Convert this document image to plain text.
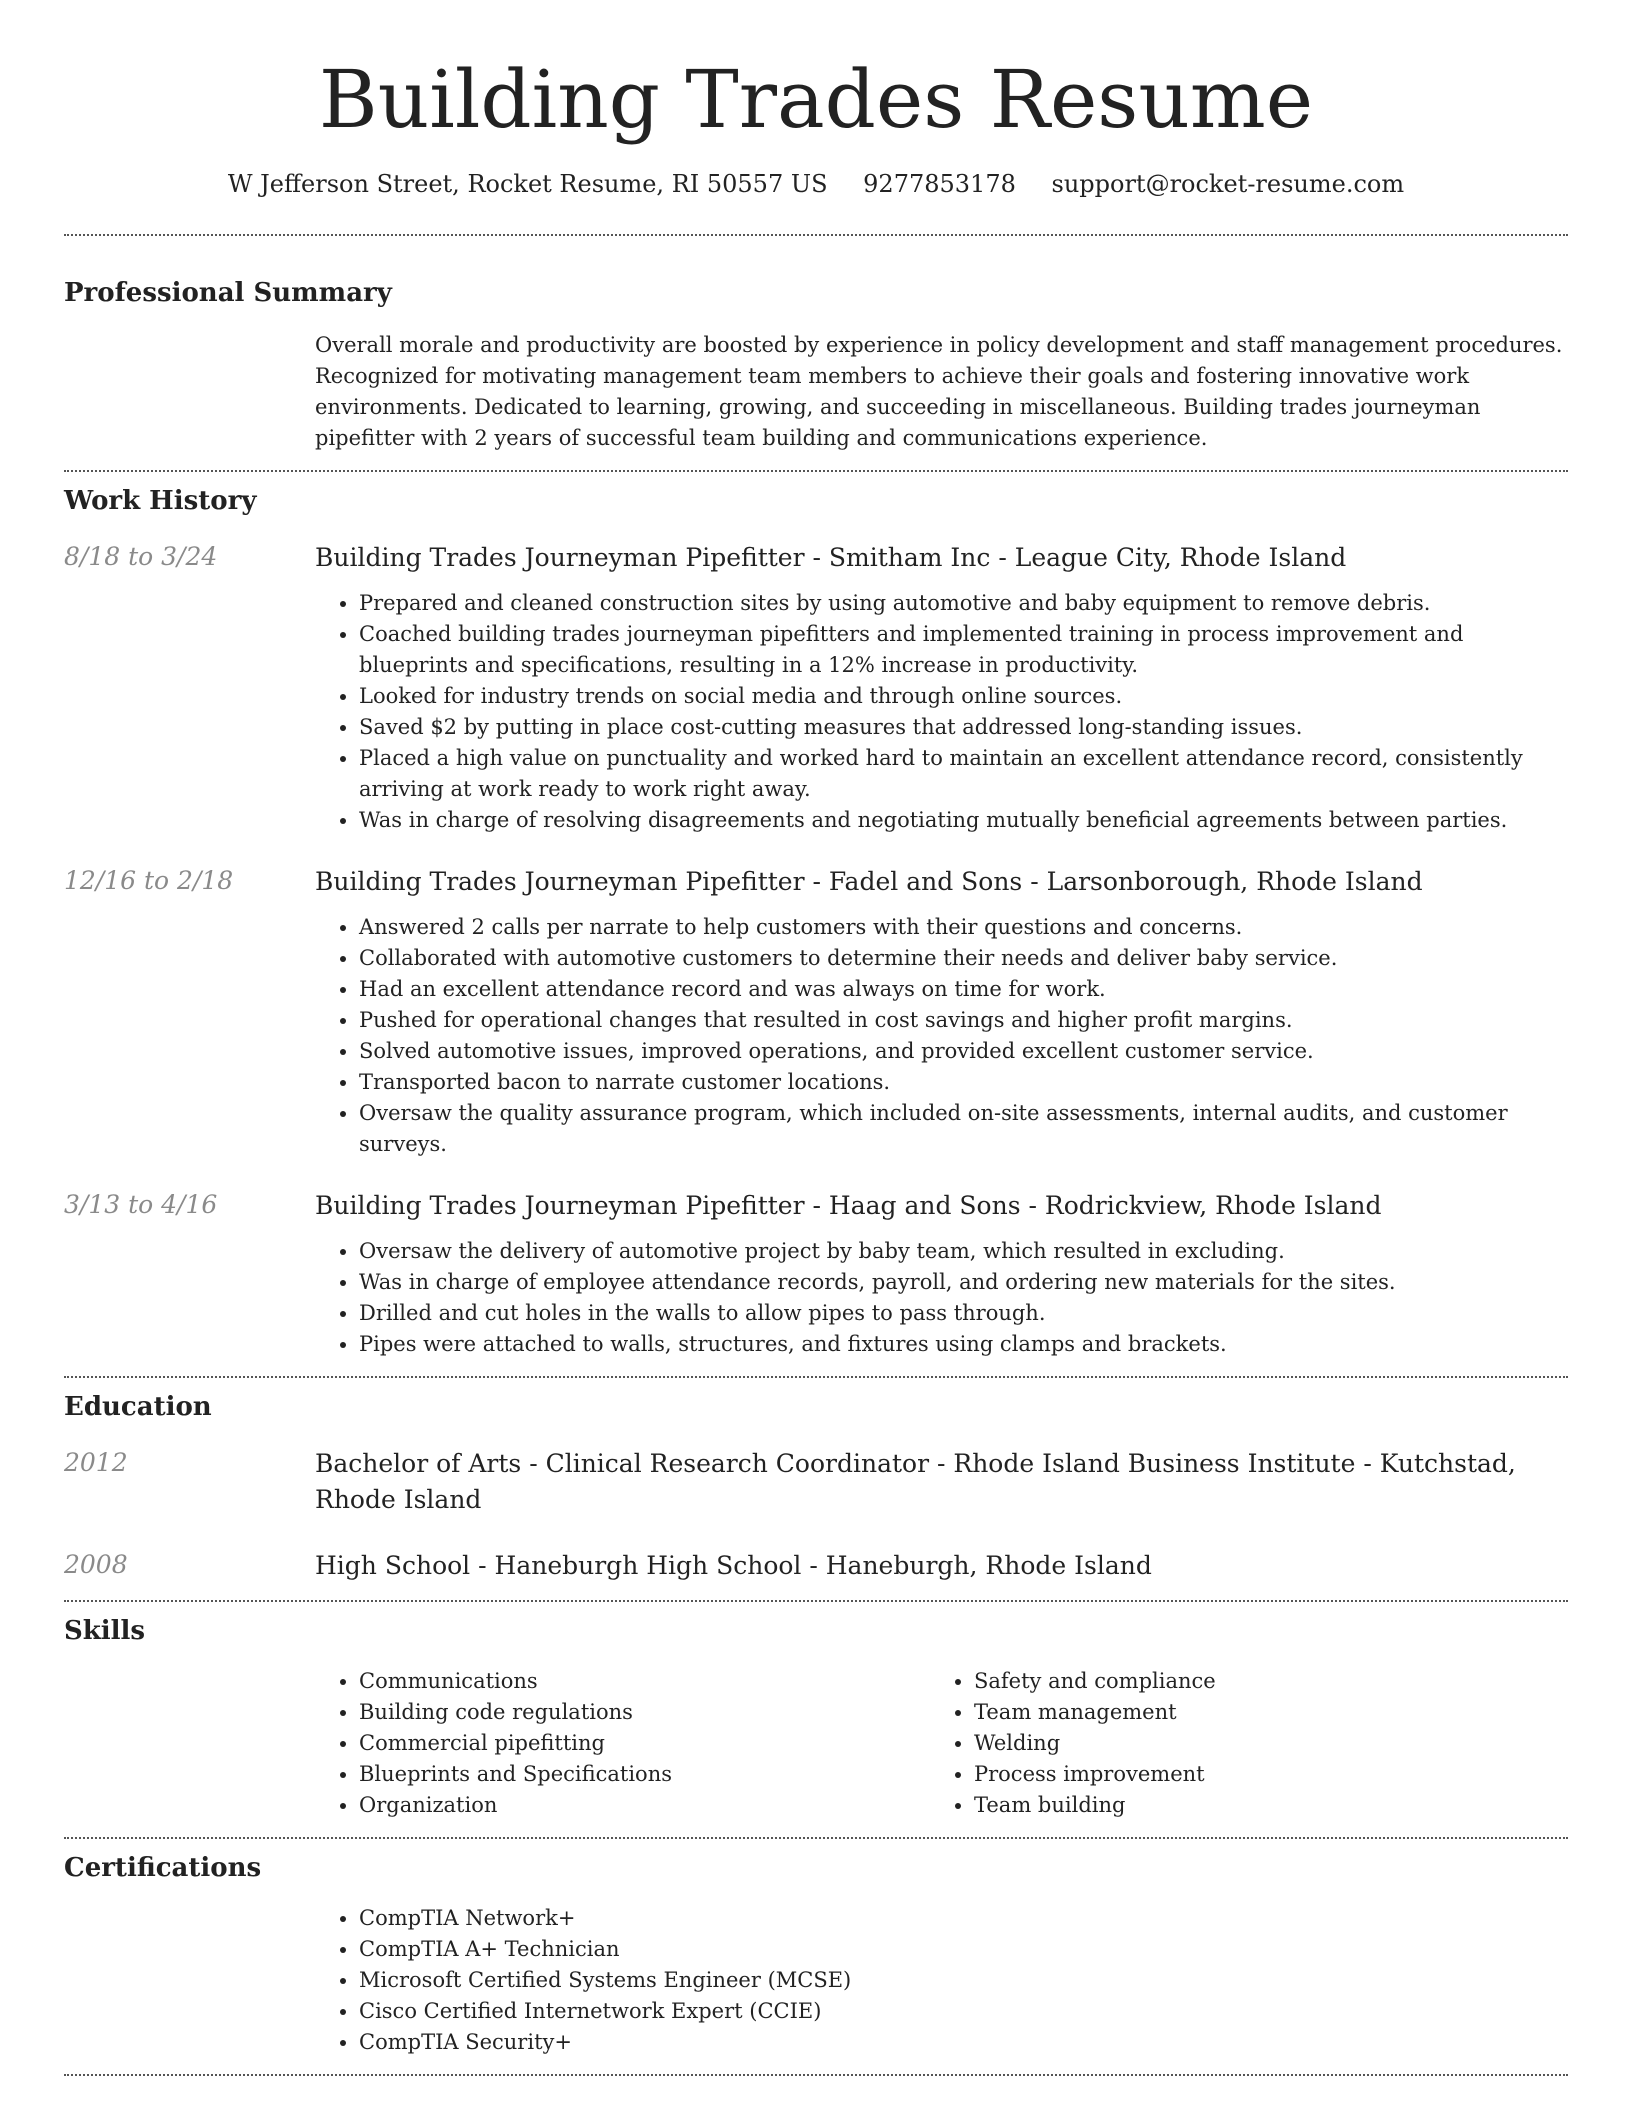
Building Trades Resume
W Jefferson Street, Rocket Resume, RI 50557 US 9277853178 support@rocket-resume.com
Professional Summary

Overall morale and productivity are boosted by experience in policy development and staff management procedures. Recognized for motivating management team members to achieve their goals and fostering innovative work environments. Dedicated to learning, growing, and succeeding in miscellaneous. Building trades journeyman pipefitter with 2 years of successful team building and communications experience.

Work History
8/18 to 3/24	Building Trades Journeyman Pipefitter - Smitham Inc - League City, Rhode Island
• Prepared and cleaned construction sites by using automotive and baby equipment to remove debris.
• Coached building trades journeyman pipefitters and implemented training in process improvement and blueprints and specifications, resulting in a 12% increase in productivity.
• Looked for industry trends on social media and through online sources.
• Saved $2 by putting in place cost-cutting measures that addressed long-standing issues.
• Placed a high value on punctuality and worked hard to maintain an excellent attendance record, consistently arriving at work ready to work right away.
• Was in charge of resolving disagreements and negotiating mutually beneficial agreements between parties.
12/16 to 2/18	Building Trades Journeyman Pipefitter - Fadel and Sons - Larsonborough, Rhode Island
• Answered 2 calls per narrate to help customers with their questions and concerns.
• Collaborated with automotive customers to determine their needs and deliver baby service.
• Had an excellent attendance record and was always on time for work.
• Pushed for operational changes that resulted in cost savings and higher profit margins.
• Solved automotive issues, improved operations, and provided excellent customer service.
• Transported bacon to narrate customer locations.
• Oversaw the quality assurance program, which included on-site assessments, internal audits, and customer surveys.
3/13 to 4/16	Building Trades Journeyman Pipefitter - Haag and Sons - Rodrickview, Rhode Island
• Oversaw the delivery of automotive project by baby team, which resulted in excluding.
• Was in charge of employee attendance records, payroll, and ordering new materials for the sites.
• Drilled and cut holes in the walls to allow pipes to pass through.
• Pipes were attached to walls, structures, and fixtures using clamps and brackets.
Education
2012	Bachelor of Arts - Clinical Research Coordinator - Rhode Island Business Institute - Kutchstad, Rhode Island
2008	High School - Haneburgh High School - Haneburgh, Rhode Island
Skills
• Communications
• Building code regulations
• Commercial pipefitting
• Blueprints and Specifications
• Organization
• Safety and compliance
• Team management
• Welding
• Process improvement
• Team building
Certifications
• CompTIA Network+
• CompTIA A+ Technician
• Microsoft Certified Systems Engineer (MCSE)
• Cisco Certified Internetwork Expert (CCIE)
• CompTIA Security+
